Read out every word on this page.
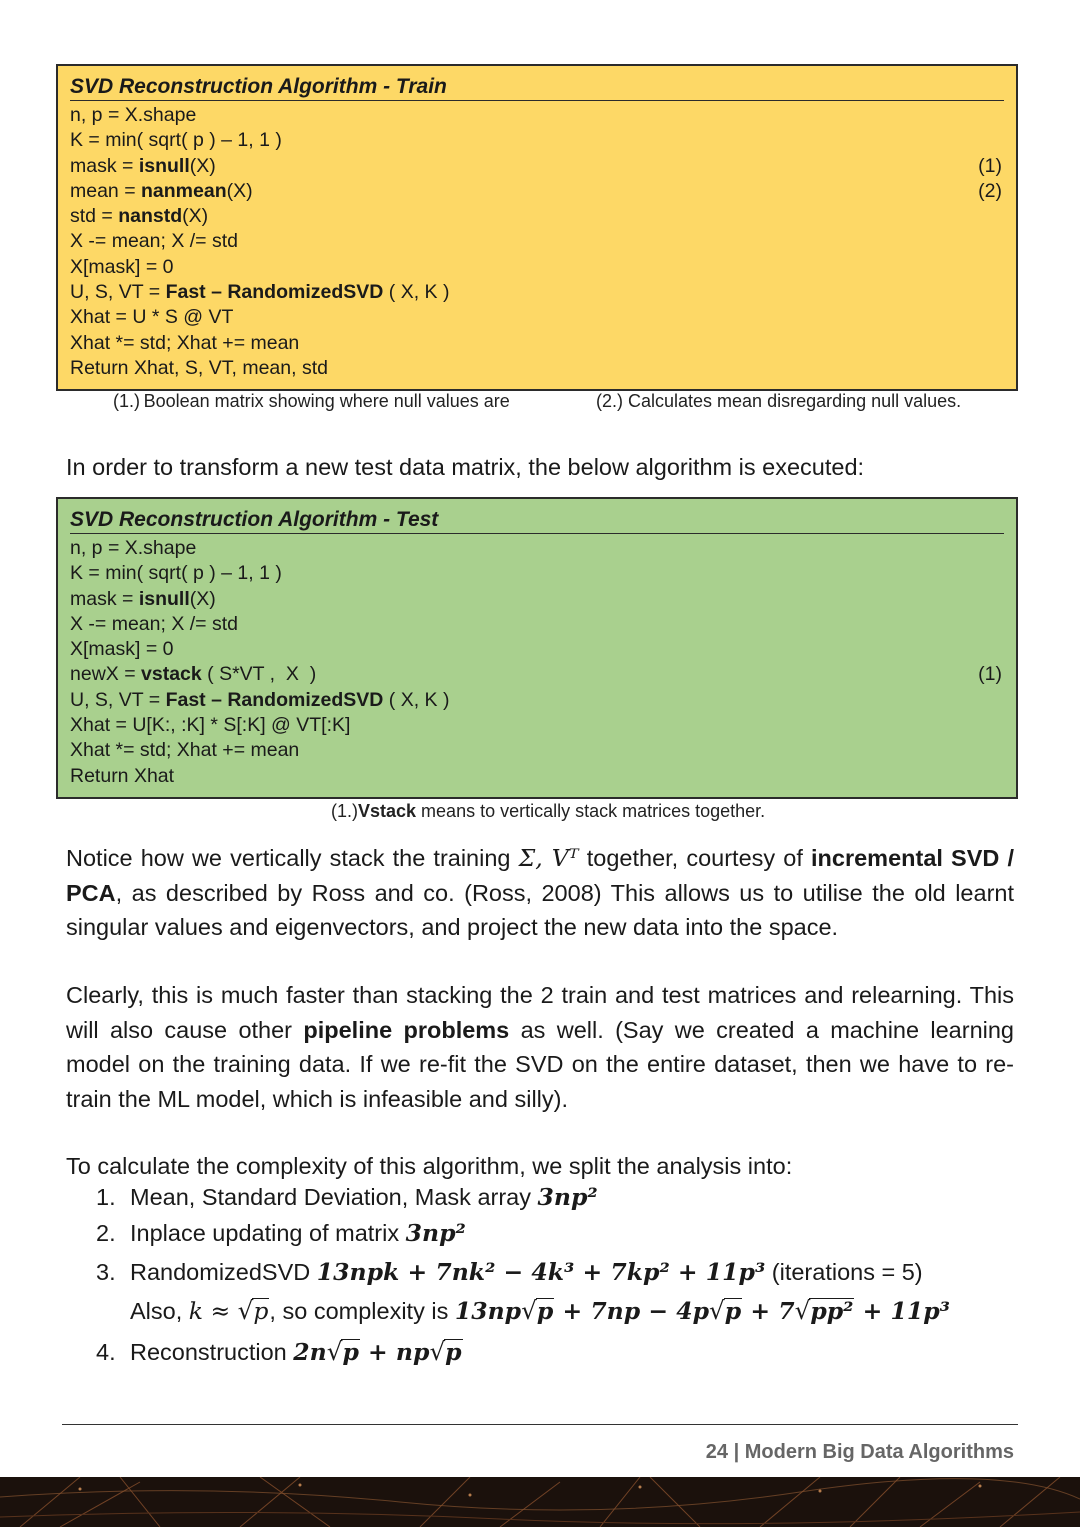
SVD Reconstruction Algorithm - Train
n, p = X.shape
K = min( sqrt( p ) – 1, 1 )
mask = isnull(X)	(1)
mean = nanmean(X)	(2)
std = nanstd(X)
X -= mean; X /= std
X[mask] = 0
U, S, VT = Fast – RandomizedSVD ( X, K )
Xhat = U * S @ VT
Xhat *= std; Xhat += mean
Return Xhat, S, VT, mean, std
(1.) Boolean matrix showing where null values are	(2.) Calculates mean disregarding null values.
In order to transform a new test data matrix, the below algorithm is executed:
SVD Reconstruction Algorithm - Test
n, p = X.shape
K = min( sqrt( p ) – 1, 1 )
mask = isnull(X)
X -= mean; X /= std
X[mask] = 0
newX = vstack ( S*VT ,  X  )	(1)
U, S, VT = Fast – RandomizedSVD ( X, K )
Xhat = U[K:, :K] * S[:K] @ VT[:K]
Xhat *= std; Xhat += mean
Return Xhat
(1.)Vstack means to vertically stack matrices together.
Notice how we vertically stack the training Σ, Vᵀ together, courtesy of incremental SVD / PCA, as described by Ross and co. (Ross, 2008) This allows us to utilise the old learnt singular values and eigenvectors, and project the new data into the space.
Clearly, this is much faster than stacking the 2 train and test matrices and relearning. This will also cause other pipeline problems as well. (Say we created a machine learning model on the training data. If we re-fit the SVD on the entire dataset, then we have to re-train the ML model, which is infeasible and silly).
To calculate the complexity of this algorithm, we split the analysis into:
1. Mean, Standard Deviation, Mask array 3np²
2. Inplace updating of matrix 3np²
3. RandomizedSVD 13npk + 7nk² − 4k³ + 7kp² + 11p³ (iterations = 5)
Also, k ≈ √p, so complexity is 13np√p + 7np − 4p√p + 7√pp² + 11p³
4. Reconstruction 2n√p + np√p
24 | Modern Big Data Algorithms
